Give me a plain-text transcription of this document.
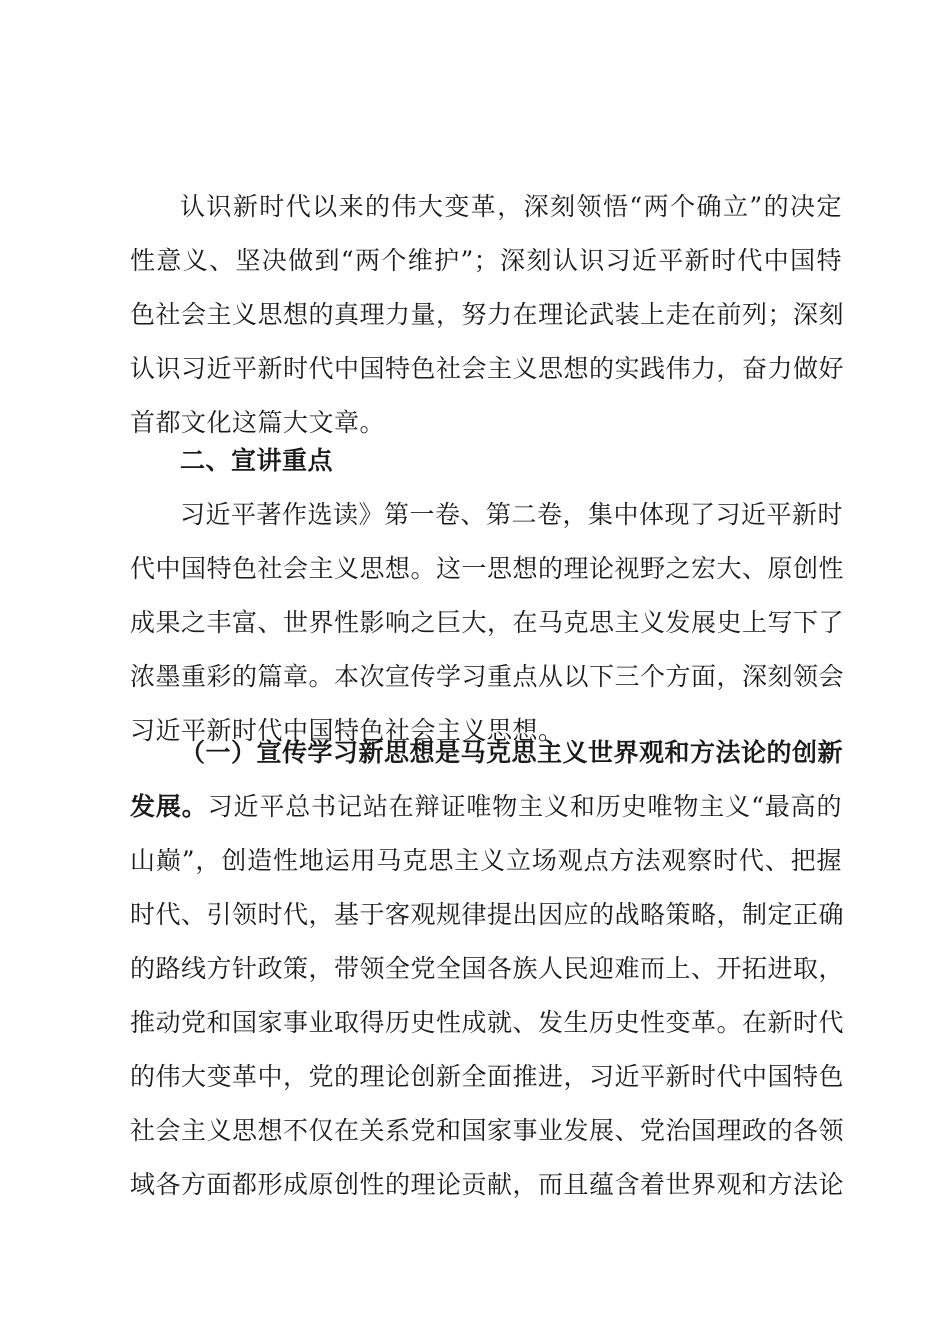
认识新时代以来的伟大变革，深刻领悟“两个确立”的决定
性意义、坚决做到“两个维护”；深刻认识习近平新时代中国特
色社会主义思想的真理力量，努力在理论武装上走在前列；深刻
认识习近平新时代中国特色社会主义思想的实践伟力，奋力做好
首都文化这篇大文章。
二、宣讲重点
习近平著作选读》第一卷、第二卷，集中体现了习近平新时
代中国特色社会主义思想。这一思想的理论视野之宏大、原创性
成果之丰富、世界性影响之巨大，在马克思主义发展史上写下了
浓墨重彩的篇章。本次宣传学习重点从以下三个方面，深刻领会
习近平新时代中国特色社会主义思想。
（一）宣传学习新思想是马克思主义世界观和方法论的创新
发展。习近平总书记站在辩证唯物主义和历史唯物主义“最高的
山巅”，创造性地运用马克思主义立场观点方法观察时代、把握
时代、引领时代，基于客观规律提出因应的战略策略，制定正确
的路线方针政策，带领全党全国各族人民迎难而上、开拓进取，
推动党和国家事业取得历史性成就、发生历史性变革。在新时代
的伟大变革中，党的理论创新全面推进，习近平新时代中国特色
社会主义思想不仅在关系党和国家事业发展、党治国理政的各领
域各方面都形成原创性的理论贡献，而且蕴含着世界观和方法论
